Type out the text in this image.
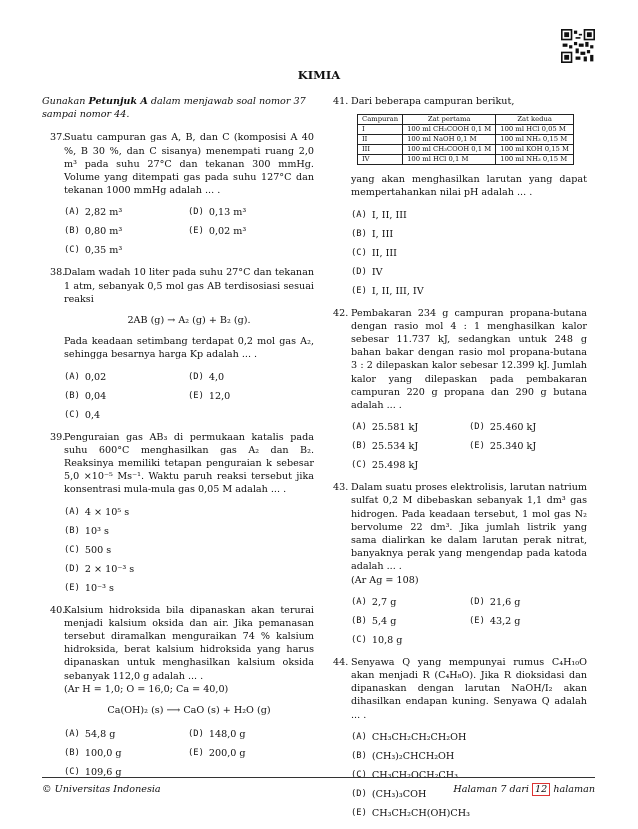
KIMIA
Gunakan Petunjuk A dalam menjawab soal nomor 37 sampai nomor 44.
37.

Suatu campuran gas A, B, dan C (komposisi A 40 %, B 30 %, dan C sisanya) menempati ruang 2,0 m³ pada suhu 27°C dan tekanan 300 mmHg. Volume yang ditempati gas pada suhu 127°C dan tekanan 1000 mmHg adalah ... .

(A) 2,82 m³	(D) 0,13 m³
(B) 0,80 m³	(E) 0,02 m³
(C) 0,35 m³
38.

Dalam wadah 10 liter pada suhu 27°C dan tekanan 1 atm, sebanyak 0,5 mol gas AB terdisosiasi sesuai reaksi

2AB (g) → A₂ (g) + B₂ (g).

Pada keadaan setimbang terdapat 0,2 mol gas A₂, sehingga besarnya harga Kp adalah ... .

(A) 0,02	(D) 4,0
(B) 0,04	(E) 12,0
(C) 0,4
39.

Penguraian gas AB₃ di permukaan katalis pada suhu 600°C menghasilkan gas A₂ dan B₂. Reaksinya memiliki tetapan penguraian k sebesar 5,0 ×10⁻⁵ Ms⁻¹. Waktu paruh reaksi tersebut jika konsentrasi mula-mula gas 0,05 M adalah ... .

(A) 4 × 10⁵ s
(B) 10³ s
(C) 500 s
(D) 2 × 10⁻³ s
(E) 10⁻³ s
40.

Kalsium hidroksida bila dipanaskan akan terurai menjadi kalsium oksida dan air. Jika pemanasan tersebut diramalkan menguraikan 74 % kalsium hidroksida, berat kalsium hidroksida yang harus dipanaskan untuk menghasilkan kalsium oksida sebanyak 112,0 g adalah ... .

(Ar H = 1,0; O = 16,0; Ca = 40,0)

Ca(OH)₂ (s) ⟶ CaO (s) + H₂O (g)
(A) 54,8 g	(D) 148,0 g
(B) 100,0 g	(E) 200,0 g
(C) 109,6 g
41. Dari beberapa campuran berikut,

Campuran	Zat pertama	Zat kedua
I	100 ml CH₃COOH 0,1 M	100 ml HCl 0,05 M
II	100 ml NaOH 0,1 M	100 ml NH₃ 0,15 M
III	100 ml CH₃COOH 0,1 M	100 ml KOH 0,15 M
IV	100 ml HCl 0,1 M	100 ml NH₃ 0,15 M

yang akan menghasilkan larutan yang dapat mempertahankan nilai pH adalah ... .

(A) I, II, III
(B) I, III
(C) II, III
(D) IV
(E) I, II, III, IV
42. Pembakaran 234 g campuran propana-butana dengan rasio mol 4 : 1 menghasilkan kalor sebesar 11.737 kJ, sedangkan untuk 248 g bahan bakar dengan rasio mol propana-butana 3 : 2 dilepaskan kalor sebesar 12.399 kJ. Jumlah kalor yang dilepaskan pada pembakaran campuran 220 g propana dan 290 g butana adalah ... .

(A) 25.581 kJ	(D) 25.460 kJ
(B) 25.534 kJ	(E) 25.340 kJ
(C) 25.498 kJ
43. Dalam suatu proses elektrolisis, larutan natrium sulfat 0,2 M dibebaskan sebanyak 1,1 dm³ gas hidrogen. Pada keadaan tersebut, 1 mol gas N₂ bervolume 22 dm³. Jika jumlah listrik yang sama dialirkan ke dalam larutan perak nitrat, banyaknya perak yang mengendap pada katoda adalah ... .

(Ar Ag = 108)

(A) 2,7 g	(D) 21,6 g
(B) 5,4 g	(E) 43,2 g
(C) 10,8 g
44. Senyawa Q yang mempunyai rumus C₄H₁₀O akan menjadi R (C₄H₈O). Jika R dioksidasi dan dipanaskan dengan larutan NaOH/I₂ akan dihasilkan endapan kuning. Senyawa Q adalah ... .

(A) CH₃CH₂CH₂CH₂OH
(B) (CH₃)₂CHCH₂OH
(C) CH₃CH₂OCH₂CH₃
(D) (CH₃)₃COH
(E) CH₃CH₂CH(OH)CH₃
© Universitas Indonesia	Halaman 7 dari 12 halaman
